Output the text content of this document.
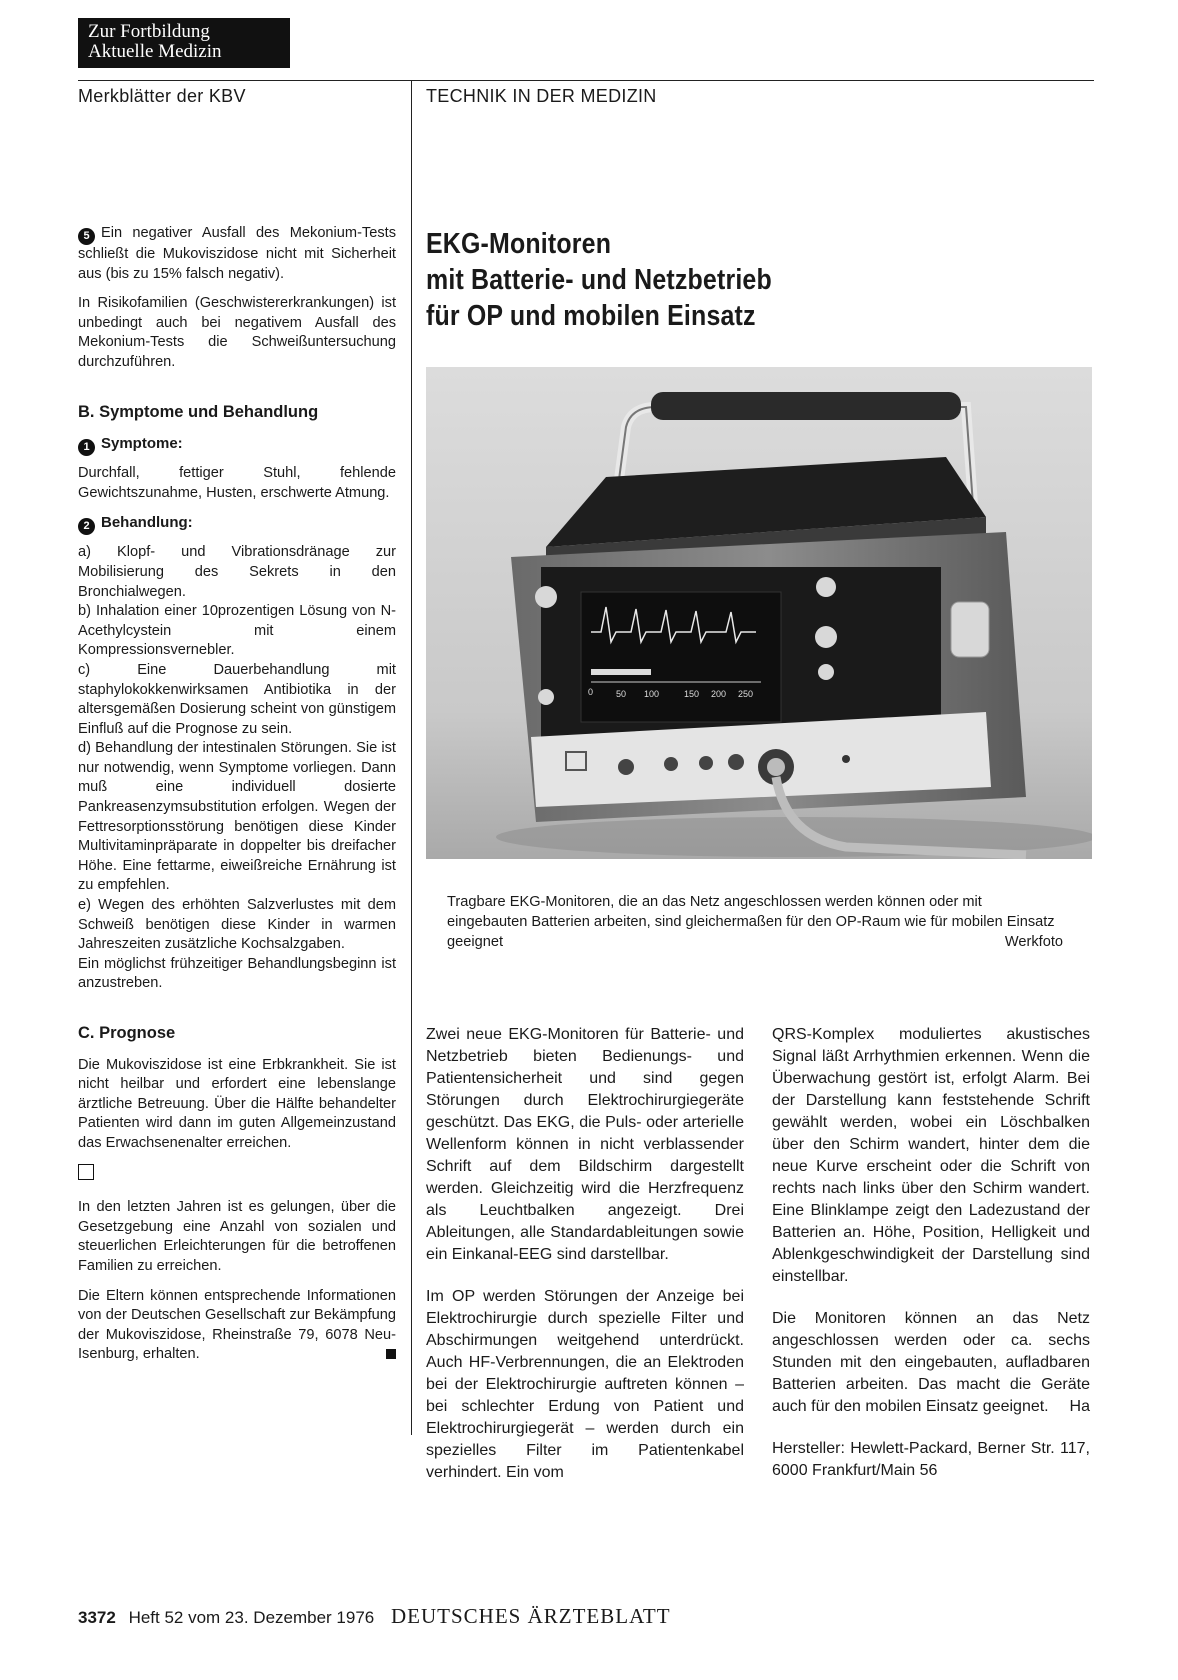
Zur Fortbildung
Aktuelle Medizin
Merkblätter der KBV	TECHNIK IN DER MEDIZIN

5 Ein negativer Ausfall des Mekonium-Tests schließt die Mukoviszidose nicht mit Sicherheit aus (bis zu 15% falsch negativ).

In Risikofamilien (Geschwistererkrankungen) ist unbedingt auch bei negativem Ausfall des Mekonium-Tests die Schweißuntersuchung durchzuführen.

B. Symptome und Behandlung
1 Symptome:

Durchfall, fettiger Stuhl, fehlende Gewichtszunahme, Husten, erschwerte Atmung.

2 Behandlung:

a) Klopf- und Vibrationsdränage zur Mobilisierung des Sekrets in den Bronchialwegen.

b) Inhalation einer 10prozentigen Lösung von N-Acethylcystein mit einem Kompressionsvernebler.

c) Eine Dauerbehandlung mit staphylokokkenwirksamen Antibiotika in der altersgemäßen Dosierung scheint von günstigem Einfluß auf die Prognose zu sein.

d) Behandlung der intestinalen Störungen. Sie ist nur notwendig, wenn Symptome vorliegen. Dann muß eine individuell dosierte Pankreasenzymsubstitution erfolgen. Wegen der Fettresorptionsstörung benötigen diese Kinder Multivitaminpräparate in doppelter bis dreifacher Höhe. Eine fettarme, eiweißreiche Ernährung ist zu empfehlen.

e) Wegen des erhöhten Salzverlustes mit dem Schweiß benötigen diese Kinder in warmen Jahreszeiten zusätzliche Kochsalzgaben.

Ein möglichst frühzeitiger Behandlungsbeginn ist anzustreben.

C. Prognose

Die Mukoviszidose ist eine Erbkrankheit. Sie ist nicht heilbar und erfordert eine lebenslange ärztliche Betreuung. Über die Hälfte behandelter Patienten wird dann im guten Allgemeinzustand das Erwachsenenalter erreichen.

In den letzten Jahren ist es gelungen, über die Gesetzgebung eine Anzahl von sozialen und steuerlichen Erleichterungen für die betroffenen Familien zu erreichen.

Die Eltern können entsprechende Informationen von der Deutschen Gesellschaft zur Bekämpfung der Mukoviszidose, Rheinstraße 79, 6078 Neu-Isenburg, erhalten.

EKG-Monitoren
mit Batterie- und Netzbetrieb
für OP und mobilen Einsatz
0	50 100	150 200 250
Tragbare EKG-Monitoren, die an das Netz angeschlossen werden können oder mit eingebauten Batterien arbeiten, sind gleichermaßen für den OP-Raum wie für mobilen Einsatz geeignet	Werkfoto

Zwei neue EKG-Monitoren für Batterie- und Netzbetrieb bieten Bedienungs- und Patientensicherheit und sind gegen Störungen durch Elektrochirurgiegeräte geschützt. Das EKG, die Puls- oder arterielle Wellenform können in nicht verblassender Schrift auf dem Bildschirm dargestellt werden. Gleichzeitig wird die Herzfrequenz als Leuchtbalken angezeigt. Drei Ableitungen, alle Standardableitungen sowie ein Einkanal-EEG sind darstellbar.

Im OP werden Störungen der Anzeige bei Elektrochirurgie durch spezielle Filter und Abschirmungen weitgehend unterdrückt. Auch HF-Verbrennungen, die an Elektroden bei der Elektrochirurgie auftreten können – bei schlechter Erdung von Patient und Elektrochirurgiegerät – werden durch ein spezielles Filter im Patientenkabel verhindert. Ein vom

QRS-Komplex moduliertes akustisches Signal läßt Arrhythmien erkennen. Wenn die Überwachung gestört ist, erfolgt Alarm. Bei der Darstellung kann feststehende Schrift gewählt werden, wobei ein Löschbalken über den Schirm wandert, hinter dem die neue Kurve erscheint oder die Schrift von rechts nach links über den Schirm wandert. Eine Blinklampe zeigt den Ladezustand der Batterien an. Höhe, Position, Helligkeit und Ablenkgeschwindigkeit der Darstellung sind einstellbar.

Die Monitoren können an das Netz angeschlossen werden oder ca. sechs Stunden mit den eingebauten, aufladbaren Batterien arbeiten. Das macht die Geräte auch für den mobilen Einsatz geeignet. Ha

Hersteller: Hewlett-Packard, Berner Str. 117, 6000 Frankfurt/Main 56

3372 Heft 52 vom 23. Dezember 1976 DEUTSCHES ÄRZTEBLATT
